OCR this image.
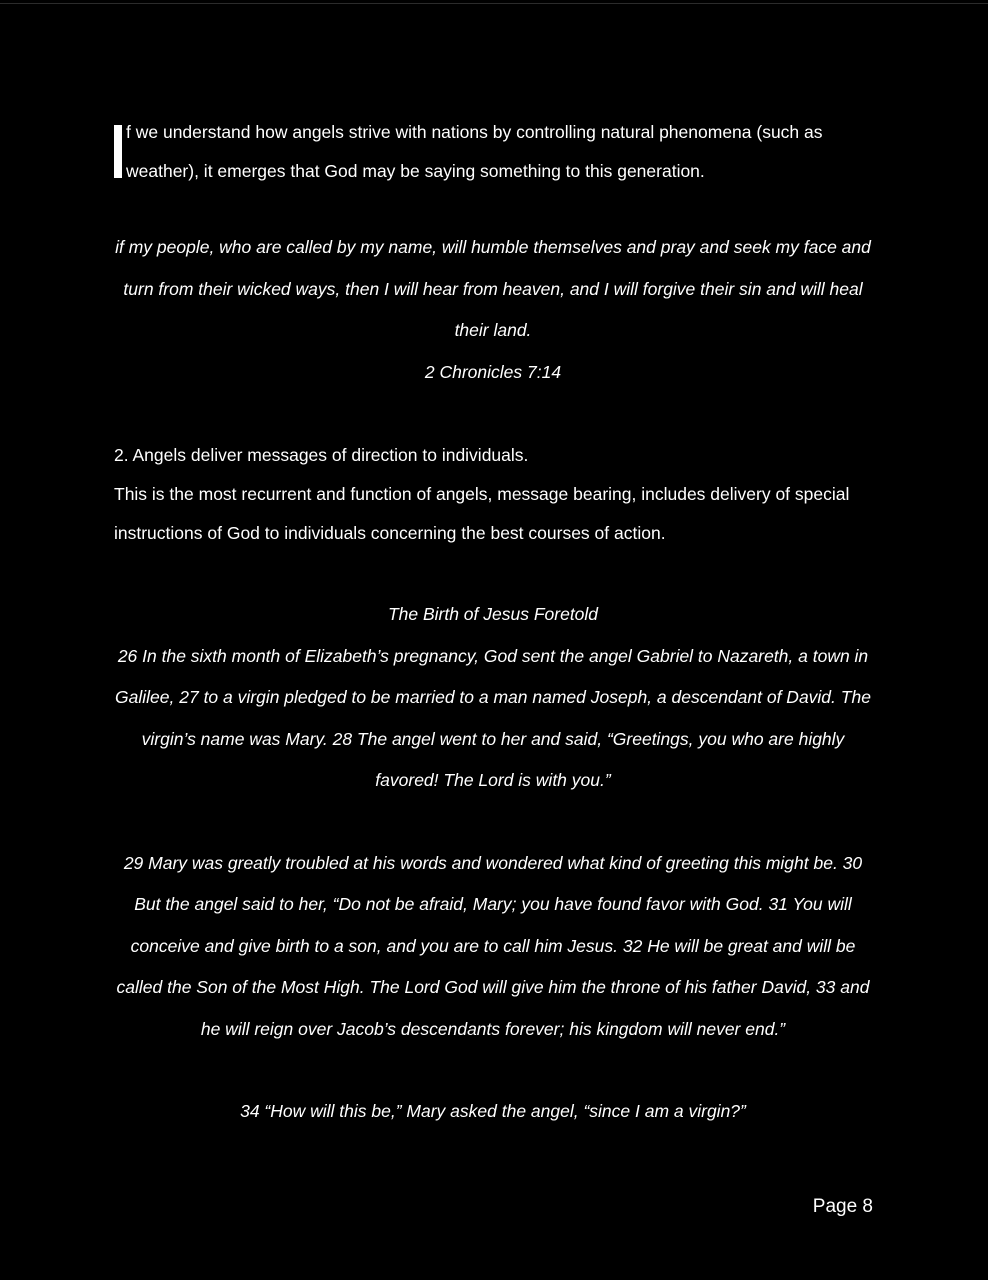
f we understand how angels strive with nations by controlling natural phenomena (such as weather), it emerges that God may be saying something to this generation.

if my people, who are called by my name, will humble themselves and pray and seek my face and turn from their wicked ways, then I will hear from heaven, and I will forgive their sin and will heal their land.
2 Chronicles 7:14

2. Angels deliver messages of direction to individuals.
This is the most recurrent and function of angels, message bearing, includes delivery of special instructions of God to individuals concerning the best courses of action.

The Birth of Jesus Foretold
26 In the sixth month of Elizabeth’s pregnancy, God sent the angel Gabriel to Nazareth, a town in Galilee, 27 to a virgin pledged to be married to a man named Joseph, a descendant of David. The virgin’s name was Mary. 28 The angel went to her and said, “Greetings, you who are highly favored! The Lord is with you.”

29 Mary was greatly troubled at his words and wondered what kind of greeting this might be. 30 But the angel said to her, “Do not be afraid, Mary; you have found favor with God. 31 You will conceive and give birth to a son, and you are to call him Jesus. 32 He will be great and will be called the Son of the Most High. The Lord God will give him the throne of his father David, 33 and he will reign over Jacob’s descendants forever; his kingdom will never end.”

34 “How will this be,” Mary asked the angel, “since I am a virgin?”

Page 8
